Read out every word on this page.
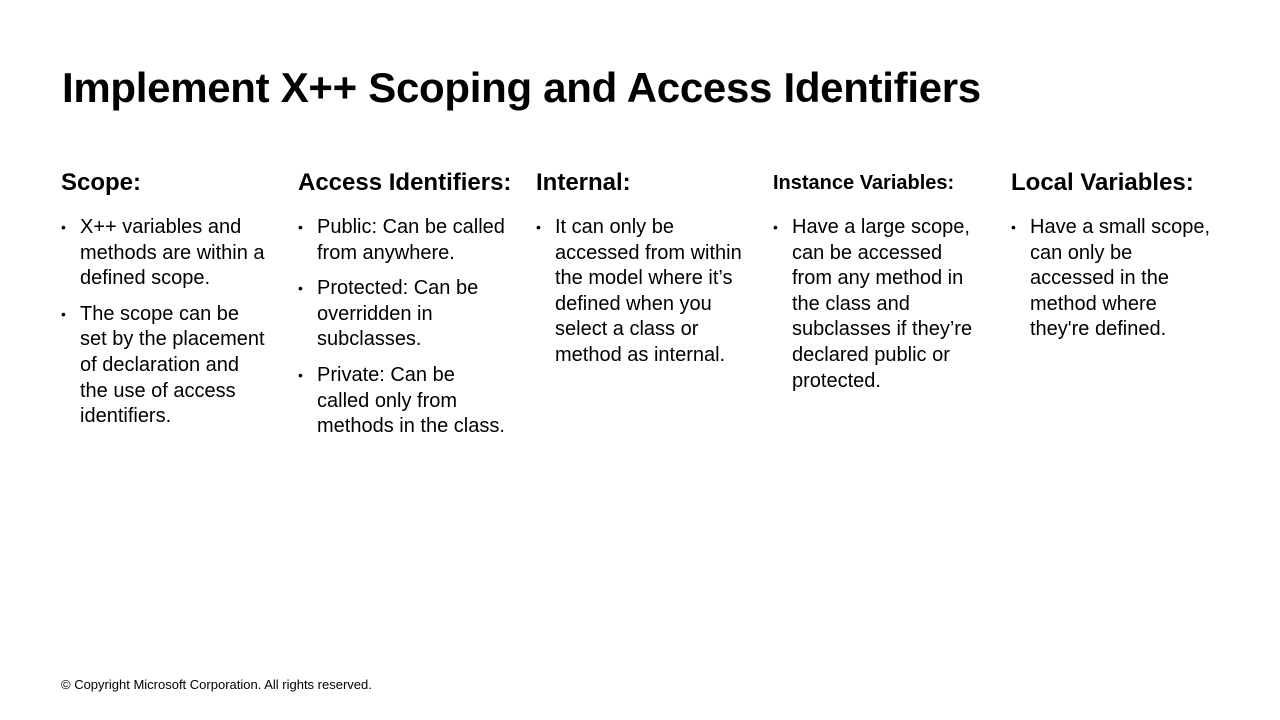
Implement X++ Scoping and Access Identifiers
Scope:
• X++ variables and methods are within a defined scope.
• The scope can be set by the placement of declaration and the use of access identifiers.
Access Identifiers:
• Public: Can be called from anywhere.
• Protected: Can be overridden in subclasses.
• Private: Can be called only from methods in the class.
Internal:
• It can only be accessed from within the model where it’s defined when you select a class or method as internal.
Instance Variables:
• Have a large scope, can be accessed from any method in the class and subclasses if they’re declared public or protected.
Local Variables:
• Have a small scope, can only be accessed in the method where they're defined.
© Copyright Microsoft Corporation. All rights reserved.
